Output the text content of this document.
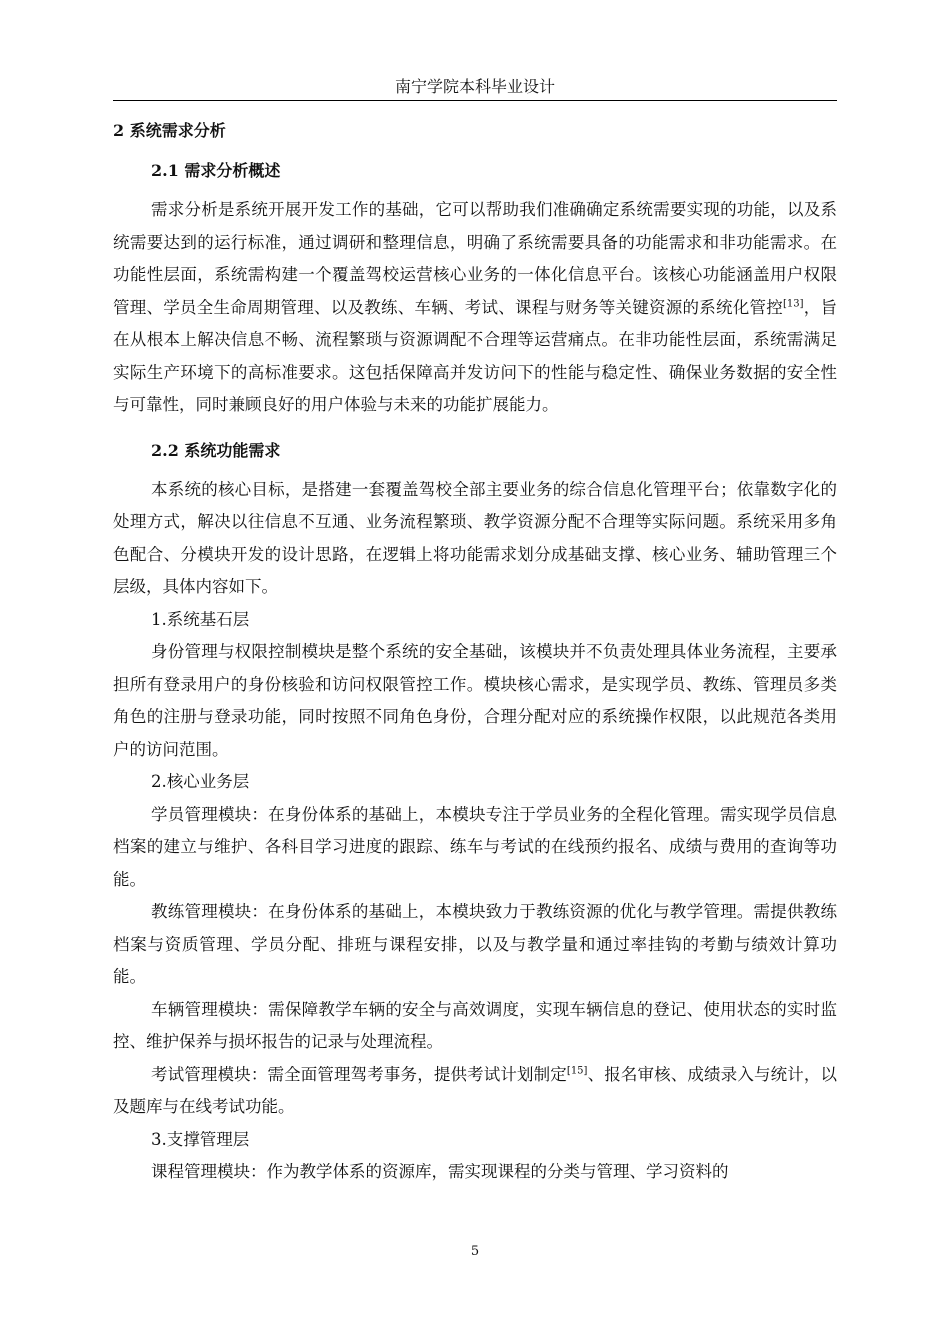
南宁学院本科毕业设计
2 系统需求分析
2.1 需求分析概述

需求分析是系统开展开发工作的基础，它可以帮助我们准确确定系统需要实现的功能，以及系统需要达到的运行标准，通过调研和整理信息，明确了系统需要具备的功能需求和非功能需求。在功能性层面，系统需构建一个覆盖驾校运营核心业务的一体化信息平台。该核心功能涵盖用户权限管理、学员全生命周期管理、以及教练、车辆、考试、课程与财务等关键资源的系统化管控[13]，旨在从根本上解决信息不畅、流程繁琐与资源调配不合理等运营痛点。在非功能性层面，系统需满足实际生产环境下的高标准要求。这包括保障高并发访问下的性能与稳定性、确保业务数据的安全性与可靠性，同时兼顾良好的用户体验与未来的功能扩展能力。

2.2 系统功能需求

本系统的核心目标，是搭建一套覆盖驾校全部主要业务的综合信息化管理平台；依靠数字化的处理方式，解决以往信息不互通、业务流程繁琐、教学资源分配不合理等实际问题。系统采用多角色配合、分模块开发的设计思路，在逻辑上将功能需求划分成基础支撑、核心业务、辅助管理三个层级，具体内容如下。

1.系统基石层

身份管理与权限控制模块是整个系统的安全基础，该模块并不负责处理具体业务流程，主要承担所有登录用户的身份核验和访问权限管控工作。模块核心需求，是实现学员、教练、管理员多类角色的注册与登录功能，同时按照不同角色身份，合理分配对应的系统操作权限，以此规范各类用户的访问范围。

2.核心业务层

学员管理模块：在身份体系的基础上，本模块专注于学员业务的全程化管理。需实现学员信息档案的建立与维护、各科目学习进度的跟踪、练车与考试的在线预约报名、成绩与费用的查询等功能。

教练管理模块：在身份体系的基础上，本模块致力于教练资源的优化与教学管理。需提供教练档案与资质管理、学员分配、排班与课程安排，以及与教学量和通过率挂钩的考勤与绩效计算功能。

车辆管理模块：需保障教学车辆的安全与高效调度，实现车辆信息的登记、使用状态的实时监控、维护保养与损坏报告的记录与处理流程。

考试管理模块：需全面管理驾考事务，提供考试计划制定[15]、报名审核、成绩录入与统计，以及题库与在线考试功能。

3.支撑管理层

课程管理模块：作为教学体系的资源库，需实现课程的分类与管理、学习资料的

5
